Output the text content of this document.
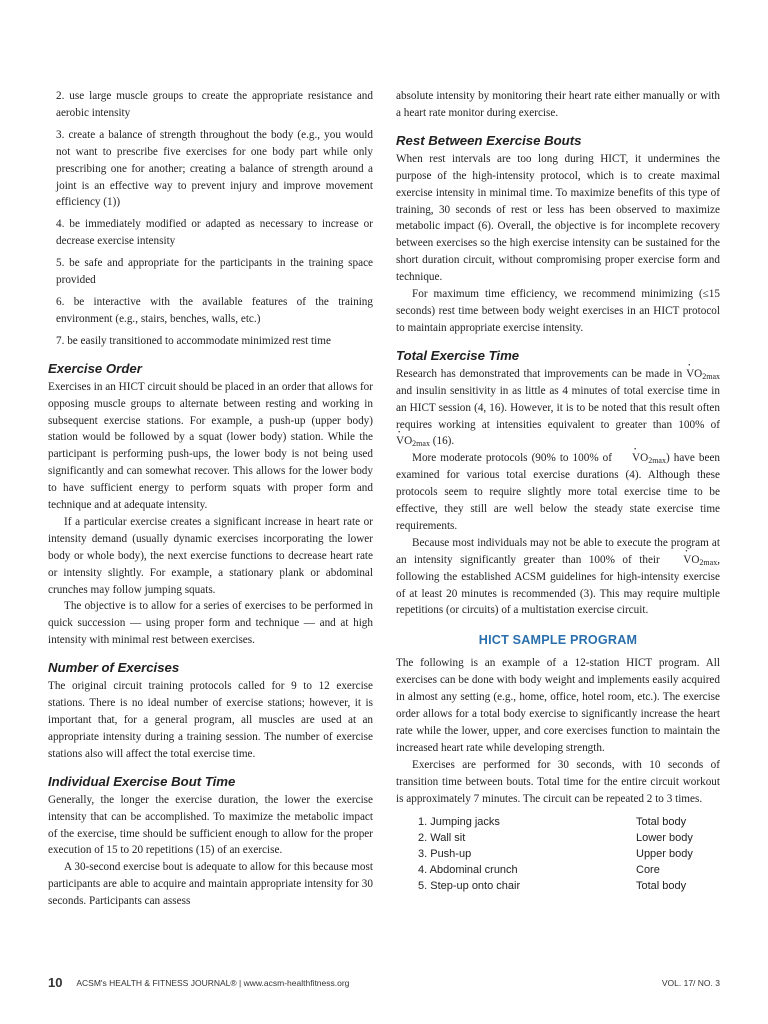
2. use large muscle groups to create the appropriate resistance and aerobic intensity

3. create a balance of strength throughout the body (e.g., you would not want to prescribe five exercises for one body part while only prescribing one for another; creating a balance of strength around a joint is an effective way to prevent injury and improve movement efficiency (1))

4. be immediately modified or adapted as necessary to increase or decrease exercise intensity

5. be safe and appropriate for the participants in the training space provided

6. be interactive with the available features of the training environment (e.g., stairs, benches, walls, etc.)

7. be easily transitioned to accommodate minimized rest time

Exercise Order

Exercises in an HICT circuit should be placed in an order that allows for opposing muscle groups to alternate between resting and working in subsequent exercise stations. For example, a push-up (upper body) station would be followed by a squat (lower body) station. While the participant is performing push-ups, the lower body is not being used significantly and can somewhat recover. This allows for the lower body to have sufficient energy to perform squats with proper form and technique and at adequate intensity.

If a particular exercise creates a significant increase in heart rate or intensity demand (usually dynamic exercises incorporating the lower body or whole body), the next exercise functions to decrease heart rate or intensity slightly. For example, a stationary plank or abdominal crunches may follow jumping squats.

The objective is to allow for a series of exercises to be performed in quick succession — using proper form and technique — and at high intensity with minimal rest between exercises.

Number of Exercises

The original circuit training protocols called for 9 to 12 exercise stations. There is no ideal number of exercise stations; however, it is important that, for a general program, all muscles are used at an appropriate intensity during a training session. The number of exercise stations also will affect the total exercise time.

Individual Exercise Bout Time

Generally, the longer the exercise duration, the lower the exercise intensity that can be accomplished. To maximize the metabolic impact of the exercise, time should be sufficient enough to allow for the proper execution of 15 to 20 repetitions (15) of an exercise.

A 30-second exercise bout is adequate to allow for this because most participants are able to acquire and maintain appropriate intensity for 30 seconds. Participants can assess

absolute intensity by monitoring their heart rate either manually or with a heart rate monitor during exercise.

Rest Between Exercise Bouts

When rest intervals are too long during HICT, it undermines the purpose of the high-intensity protocol, which is to create maximal exercise intensity in minimal time. To maximize benefits of this type of training, 30 seconds of rest or less has been observed to maximize metabolic impact (6). Overall, the objective is for incomplete recovery between exercises so the high exercise intensity can be sustained for the short duration circuit, without compromising proper exercise form and technique.

For maximum time efficiency, we recommend minimizing (≤15 seconds) rest time between body weight exercises in an HICT protocol to maintain appropriate exercise intensity.

Total Exercise Time

Research has demonstrated that improvements can be made in · $VO_{2max}$ and insulin sensitivity in as little as 4 minutes of total exercise time in an HICT session (4, 16). However, it is to be noted that this result often requires working at intensities equivalent to greater than 100% of · $VO_{2max}$ (16).

More moderate protocols (90% to 100% of · $VO_{2max}$) have been examined for various total exercise durations (4). Although these protocols seem to require slightly more total exercise time to be effective, they still are well below the steady state exercise time requirements.

Because most individuals may not be able to execute the program at an intensity significantly greater than 100% of their · $VO_{2max}$, following the established ACSM guidelines for high-intensity exercise of at least 20 minutes is recommended (3). This may require multiple repetitions (or circuits) of a multistation exercise circuit.

HICT SAMPLE PROGRAM

The following is an example of a 12-station HICT program. All exercises can be done with body weight and implements easily acquired in almost any setting (e.g., home, office, hotel room, etc.). The exercise order allows for a total body exercise to significantly increase the heart rate while the lower, upper, and core exercises function to maintain the increased heart rate while developing strength.

Exercises are performed for 30 seconds, with 10 seconds of transition time between bouts. Total time for the entire circuit workout is approximately 7 minutes. The circuit can be repeated 2 to 3 times.

1. Jumping jacks	Total body
2. Wall sit	Lower body
3. Push-up	Upper body
4. Abdominal crunch	Core
5. Step-up onto chair	Total body
10 ACSM's HEALTH & FITNESS JOURNAL® | www.acsm-healthfitness.org	VOL. 17/ NO. 3
